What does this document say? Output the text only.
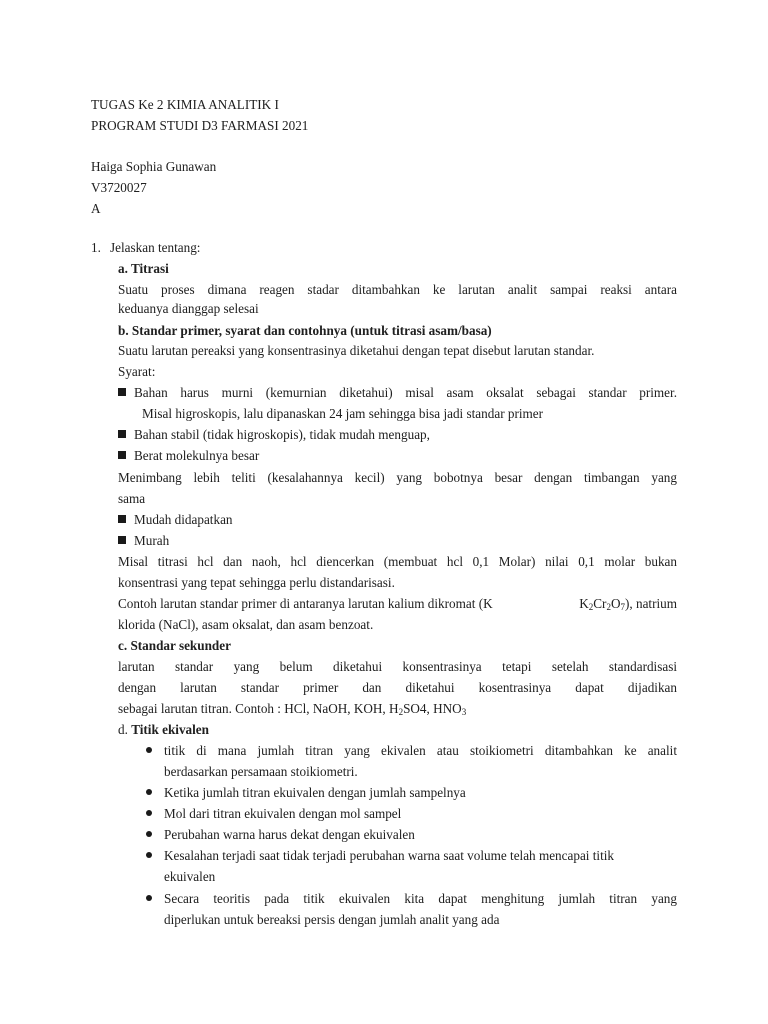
TUGAS Ke 2 KIMIA ANALITIK I
PROGRAM STUDI D3 FARMASI 2021
Haiga Sophia Gunawan
V3720027
A
1. Jelaskan tentang:
a. Titrasi
Suatu proses dimana reagen stadar ditambahkan ke larutan analit sampai reaksi antara
keduanya dianggap selesai
b. Standar primer, syarat dan contohnya (untuk titrasi asam/basa)
Suatu larutan pereaksi yang konsentrasinya diketahui dengan tepat disebut larutan standar.
Syarat:
Bahan harus murni (kemurnian diketahui) misal asam oksalat sebagai standar primer.
Misal higroskopis, lalu dipanaskan 24 jam sehingga bisa jadi standar primer
Bahan stabil (tidak higroskopis), tidak mudah menguap,
Berat molekulnya besar
Menimbang lebih teliti (kesalahannya kecil) yang bobotnya besar dengan timbangan yang
sama
Mudah didapatkan
Murah
Misal titrasi hcl dan naoh, hcl diencerkan (membuat hcl 0,1 Molar) nilai 0,1 molar bukan
konsentrasi yang tepat sehingga perlu distandarisasi.
Contoh larutan standar primer di antaranya larutan kalium dikromat (K	$K_2Cr_2O_7$), natrium
klorida (NaCl), asam oksalat, dan asam benzoat.
c. Standar sekunder
larutan standar yang belum diketahui konsentrasinya tetapi setelah standardisasi
dengan larutan standar primer dan diketahui kosentrasinya dapat dijadikan
sebagai larutan titran. Contoh : HCl, NaOH, KOH, $H_2SO4$, $HNO_3$
d. Titik ekivalen
titik di mana jumlah titran yang ekivalen atau stoikiometri ditambahkan ke analit
berdasarkan persamaan stoikiometri.
Ketika jumlah titran ekuivalen dengan jumlah sampelnya
Mol dari titran ekuivalen dengan mol sampel
Perubahan warna harus dekat dengan ekuivalen
Kesalahan terjadi saat tidak terjadi perubahan warna saat volume telah mencapai titik
ekuivalen
Secara teoritis pada titik ekuivalen kita dapat menghitung jumlah titran yang
diperlukan untuk bereaksi persis dengan jumlah analit yang ada
